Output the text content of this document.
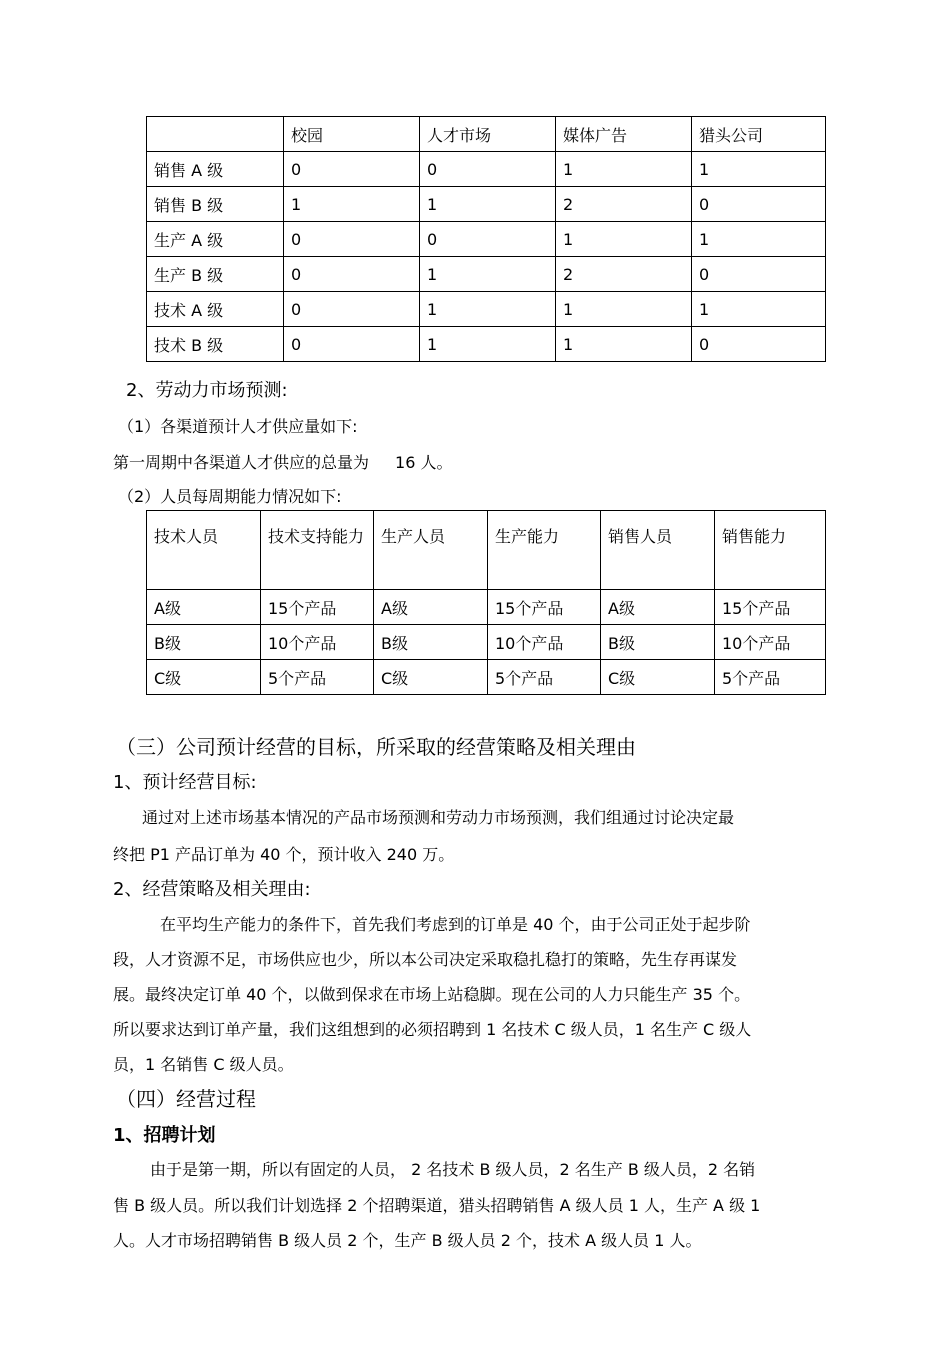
	校园	人才市场	媒体广告	猎头公司
销售 A 级	0	0	1	1
销售 B 级	1	1	2	0
生产 A 级	0	0	1	1
生产 B 级	0	1	2	0
技术 A 级	0	1	1	1
技术 B 级	0	1	1	0
2、劳动力市场预测:
（1）各渠道预计人才供应量如下:
第一周期中各渠道人才供应的总量为 16 人。
（2）人员每周期能力情况如下:
技术人员	技术支持能力	生产人员	生产能力	销售人员	销售能力
A级	15个产品	A级	15个产品	A级	15个产品
B级	10个产品	B级	10个产品	B级	10个产品
C级	5个产品	C级	5个产品	C级	5个产品
（三）公司预计经营的目标，所采取的经营策略及相关理由
1、预计经营目标:
通过对上述市场基本情况的产品市场预测和劳动力市场预测，我们组通过讨论决定最
终把 P1 产品订单为 40 个，预计收入 240 万。
2、经营策略及相关理由:
在平均生产能力的条件下，首先我们考虑到的订单是 40 个，由于公司正处于起步阶
段，人才资源不足，市场供应也少，所以本公司决定采取稳扎稳打的策略，先生存再谋发
展。最终决定订单 40 个，以做到保求在市场上站稳脚。现在公司的人力只能生产 35 个。
所以要求达到订单产量，我们这组想到的必须招聘到 1 名技术 C 级人员，1 名生产 C 级人
员，1 名销售 C 级人员。
（四）经营过程
1、招聘计划
由于是第一期，所以有固定的人员， 2 名技术 B 级人员，2 名生产 B 级人员，2 名销
售 B 级人员。所以我们计划选择 2 个招聘渠道，猎头招聘销售 A 级人员 1 人，生产 A 级 1
人。人才市场招聘销售 B 级人员 2 个，生产 B 级人员 2 个，技术 A 级人员 1 人。
